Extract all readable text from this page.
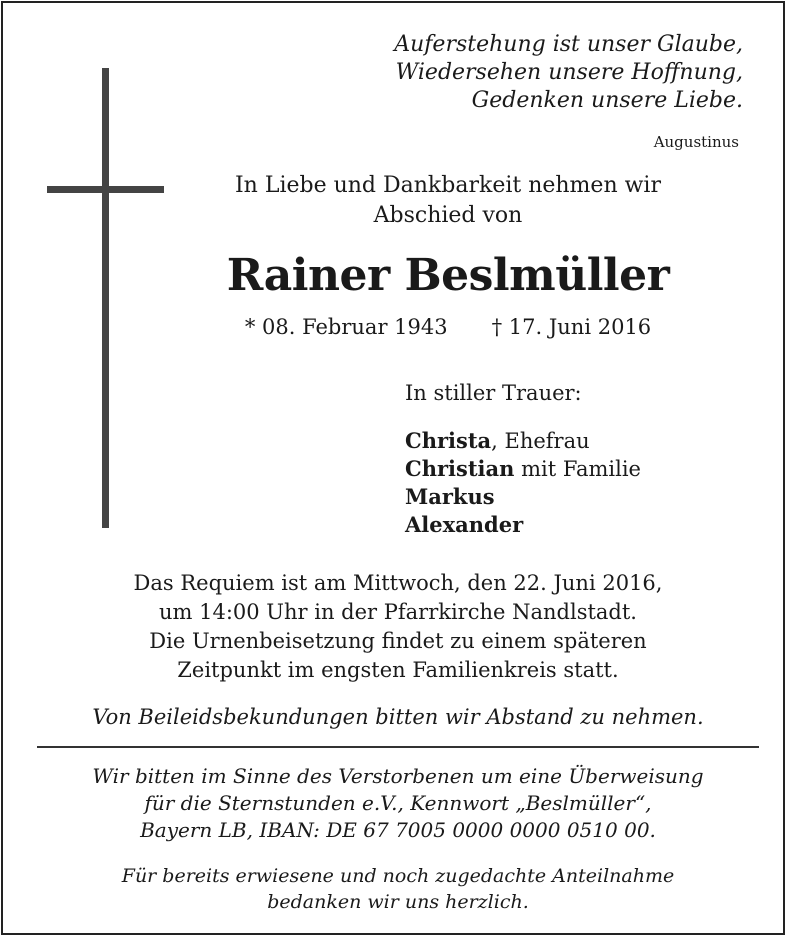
Auferstehung ist unser Glaube,
Wiedersehen unsere Hoffnung,
Gedenken unsere Liebe.
Augustinus
In Liebe und Dankbarkeit nehmen wir
Abschied von
Rainer Beslmüller
* 08. Februar 1943 † 17. Juni 2016
In stiller Trauer:
Christa, Ehefrau
Christian mit Familie
Markus
Alexander
Das Requiem ist am Mittwoch, den 22. Juni 2016,
um 14:00 Uhr in der Pfarrkirche Nandlstadt.
Die Urnenbeisetzung findet zu einem späteren
Zeitpunkt im engsten Familienkreis statt.
Von Beileidsbekundungen bitten wir Abstand zu nehmen.
Wir bitten im Sinne des Verstorbenen um eine Überweisung
für die Sternstunden e.V., Kennwort „Beslmüller“,
Bayern LB, IBAN: DE 67 7005 0000 0000 0510 00.
Für bereits erwiesene und noch zugedachte Anteilnahme
bedanken wir uns herzlich.
